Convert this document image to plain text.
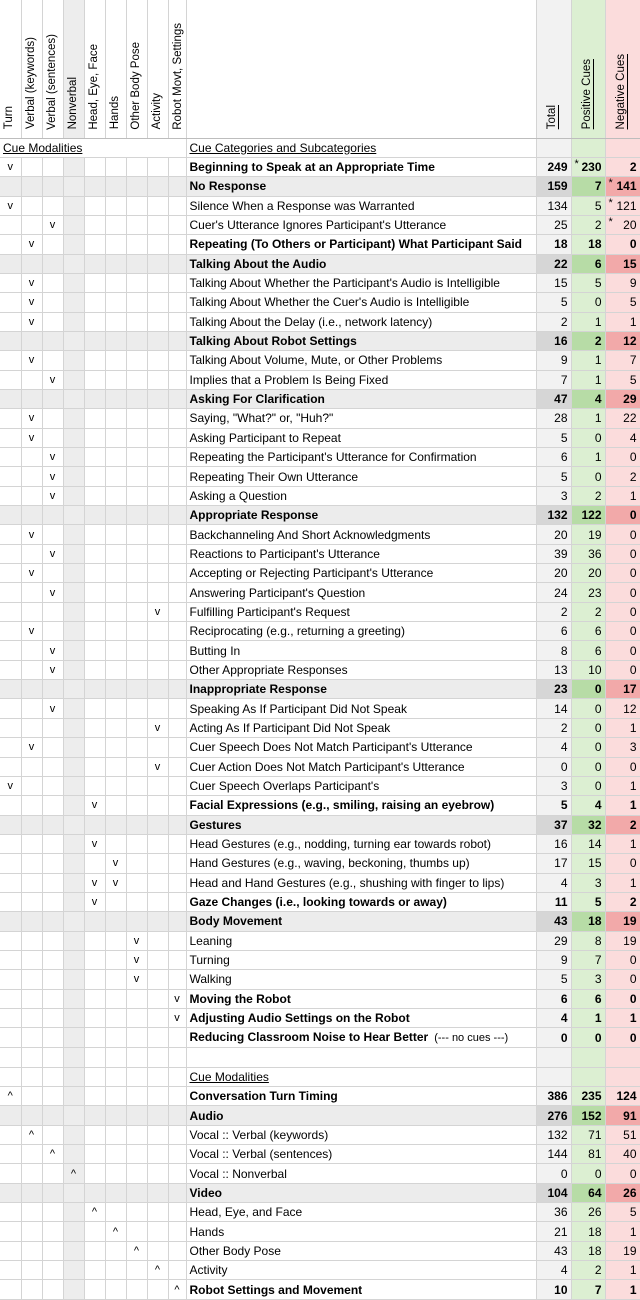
Turn	Verbal (keywords)	Verbal (sentences)	Nonverbal	Head, Eye, Face	Hands	Other Body Pose	Activity	Robot Movt, Settings		Total	Positive Cues	Negative Cues
Cue Modalities									Cue Categories and Subcategories			
v									Beginning to Speak at an Appropriate Time	249	* 230	2
									No Response	159	7	* 141
v									Silence When a Response was Warranted	134	5	* 121
		v							Cuer's Utterance Ignores Participant's Utterance	25	2	* 20
	v								Repeating (To Others or Participant) What Participant Said	18	18	0
									Talking About the Audio	22	6	15
	v								Talking About Whether the Participant's Audio is Intelligible	15	5	9
	v								Talking About Whether the Cuer's Audio is Intelligible	5	0	5
	v								Talking About the Delay (i.e., network latency)	2	1	1
									Talking About Robot Settings	16	2	12
	v								Talking About Volume, Mute, or Other Problems	9	1	7
		v							Implies that a Problem Is Being Fixed	7	1	5
									Asking For Clarification	47	4	29
	v								Saying, "What?" or, "Huh?"	28	1	22
	v								Asking Participant to Repeat	5	0	4
		v							Repeating the Participant's Utterance for Confirmation	6	1	0
		v							Repeating Their Own Utterance	5	0	2
		v							Asking a Question	3	2	1
									Appropriate Response	132	122	0
	v								Backchanneling And Short Acknowledgments	20	19	0
		v							Reactions to Participant's Utterance	39	36	0
	v								Accepting or Rejecting Participant's Utterance	20	20	0
		v							Answering Participant's Question	24	23	0
							v		Fulfilling Participant's Request	2	2	0
	v								Reciprocating (e.g., returning a greeting)	6	6	0
		v							Butting In	8	6	0
		v							Other Appropriate Responses	13	10	0
									Inappropriate Response	23	0	17
		v							Speaking As If Participant Did Not Speak	14	0	12
							v		Acting As If Participant Did Not Speak	2	0	1
	v								Cuer Speech Does Not Match Participant's Utterance	4	0	3
							v		Cuer Action Does Not Match Participant's Utterance	0	0	0
v									Cuer Speech Overlaps Participant's	3	0	1
				v					Facial Expressions (e.g., smiling, raising an eyebrow)	5	4	1
									Gestures	37	32	2
				v					Head Gestures (e.g., nodding, turning ear towards robot)	16	14	1
					v				Hand Gestures (e.g., waving, beckoning, thumbs up)	17	15	0
				v	v				Head and Hand Gestures (e.g., shushing with finger to lips)	4	3	1
				v					Gaze Changes (i.e., looking towards or away)	11	5	2
									Body Movement	43	18	19
						v			Leaning	29	8	19
						v			Turning	9	7	0
						v			Walking	5	3	0
								v	Moving the Robot	6	6	0
								v	Adjusting Audio Settings on the Robot	4	1	1
									Reducing Classroom Noise to Hear Better (--- no cues ---)	0	0	0

									Cue Modalities			
^									Conversation Turn Timing	386	235	124
									Audio	276	152	91
	^								Vocal :: Verbal (keywords)	132	71	51
		^							Vocal :: Verbal (sentences)	144	81	40
			^						Vocal :: Nonverbal	0	0	0
									Video	104	64	26
				^					Head, Eye, and Face	36	26	5
					^				Hands	21	18	1
						^			Other Body Pose	43	18	19
							^		Activity	4	2	1
								^	Robot Settings and Movement	10	7	1
